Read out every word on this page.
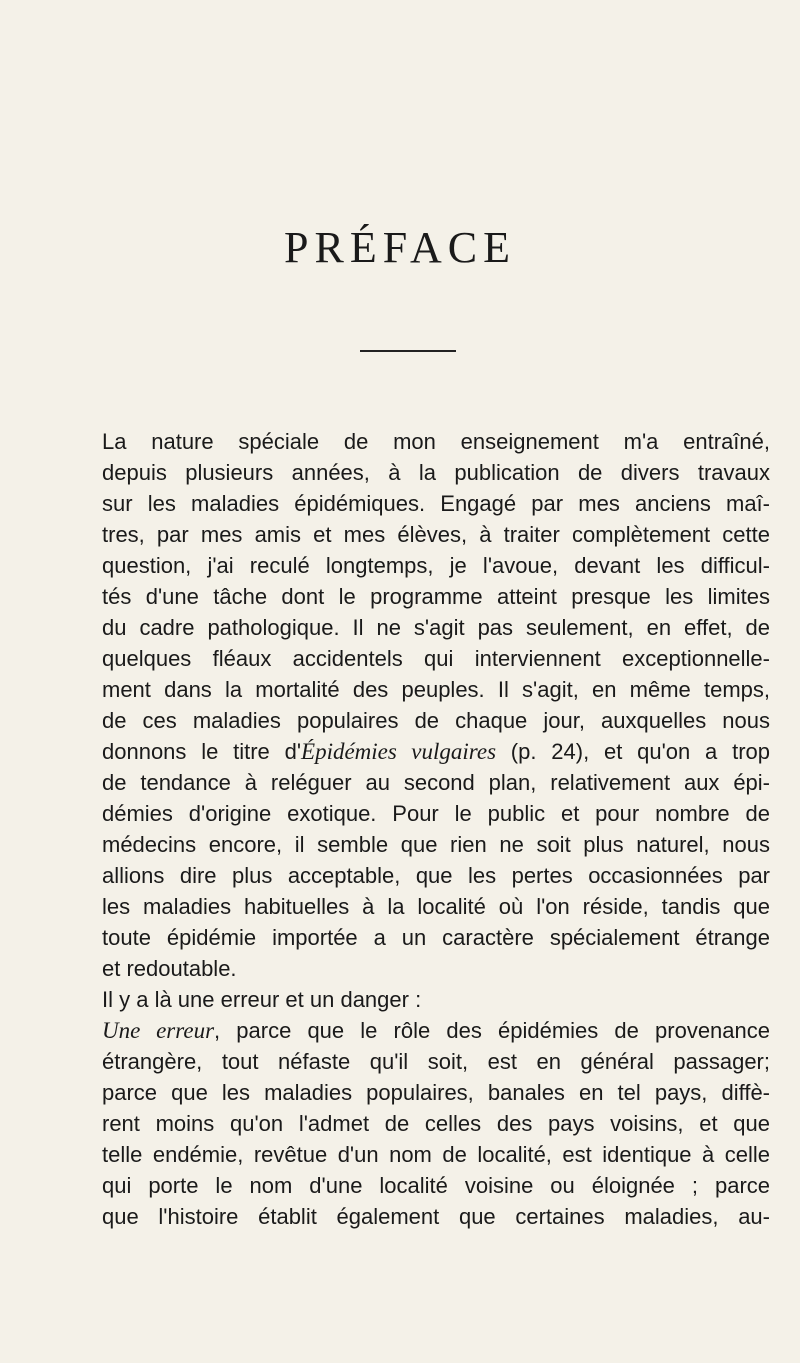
PRÉFACE
La nature spéciale de mon enseignement m'a entraîné,
depuis plusieurs années, à la publication de divers travaux
sur les maladies épidémiques. Engagé par mes anciens maî-
tres, par mes amis et mes élèves, à traiter complètement cette
question, j'ai reculé longtemps, je l'avoue, devant les difficul-
tés d'une tâche dont le programme atteint presque les limites
du cadre pathologique. Il ne s'agit pas seulement, en effet, de
quelques fléaux accidentels qui interviennent exceptionnelle-
ment dans la mortalité des peuples. Il s'agit, en même temps,
de ces maladies populaires de chaque jour, auxquelles nous
donnons le titre d'Épidémies vulgaires (p. 24), et qu'on a trop
de tendance à reléguer au second plan, relativement aux épi-
démies d'origine exotique. Pour le public et pour nombre de
médecins encore, il semble que rien ne soit plus naturel, nous
allions dire plus acceptable, que les pertes occasionnées par
les maladies habituelles à la localité où l'on réside, tandis que
toute épidémie importée a un caractère spécialement étrange
et redoutable.
Il y a là une erreur et un danger :
Une erreur, parce que le rôle des épidémies de provenance
étrangère, tout néfaste qu'il soit, est en général passager;
parce que les maladies populaires, banales en tel pays, diffè-
rent moins qu'on l'admet de celles des pays voisins, et que
telle endémie, revêtue d'un nom de localité, est identique à celle
qui porte le nom d'une localité voisine ou éloignée ; parce
que l'histoire établit également que certaines maladies, au-
